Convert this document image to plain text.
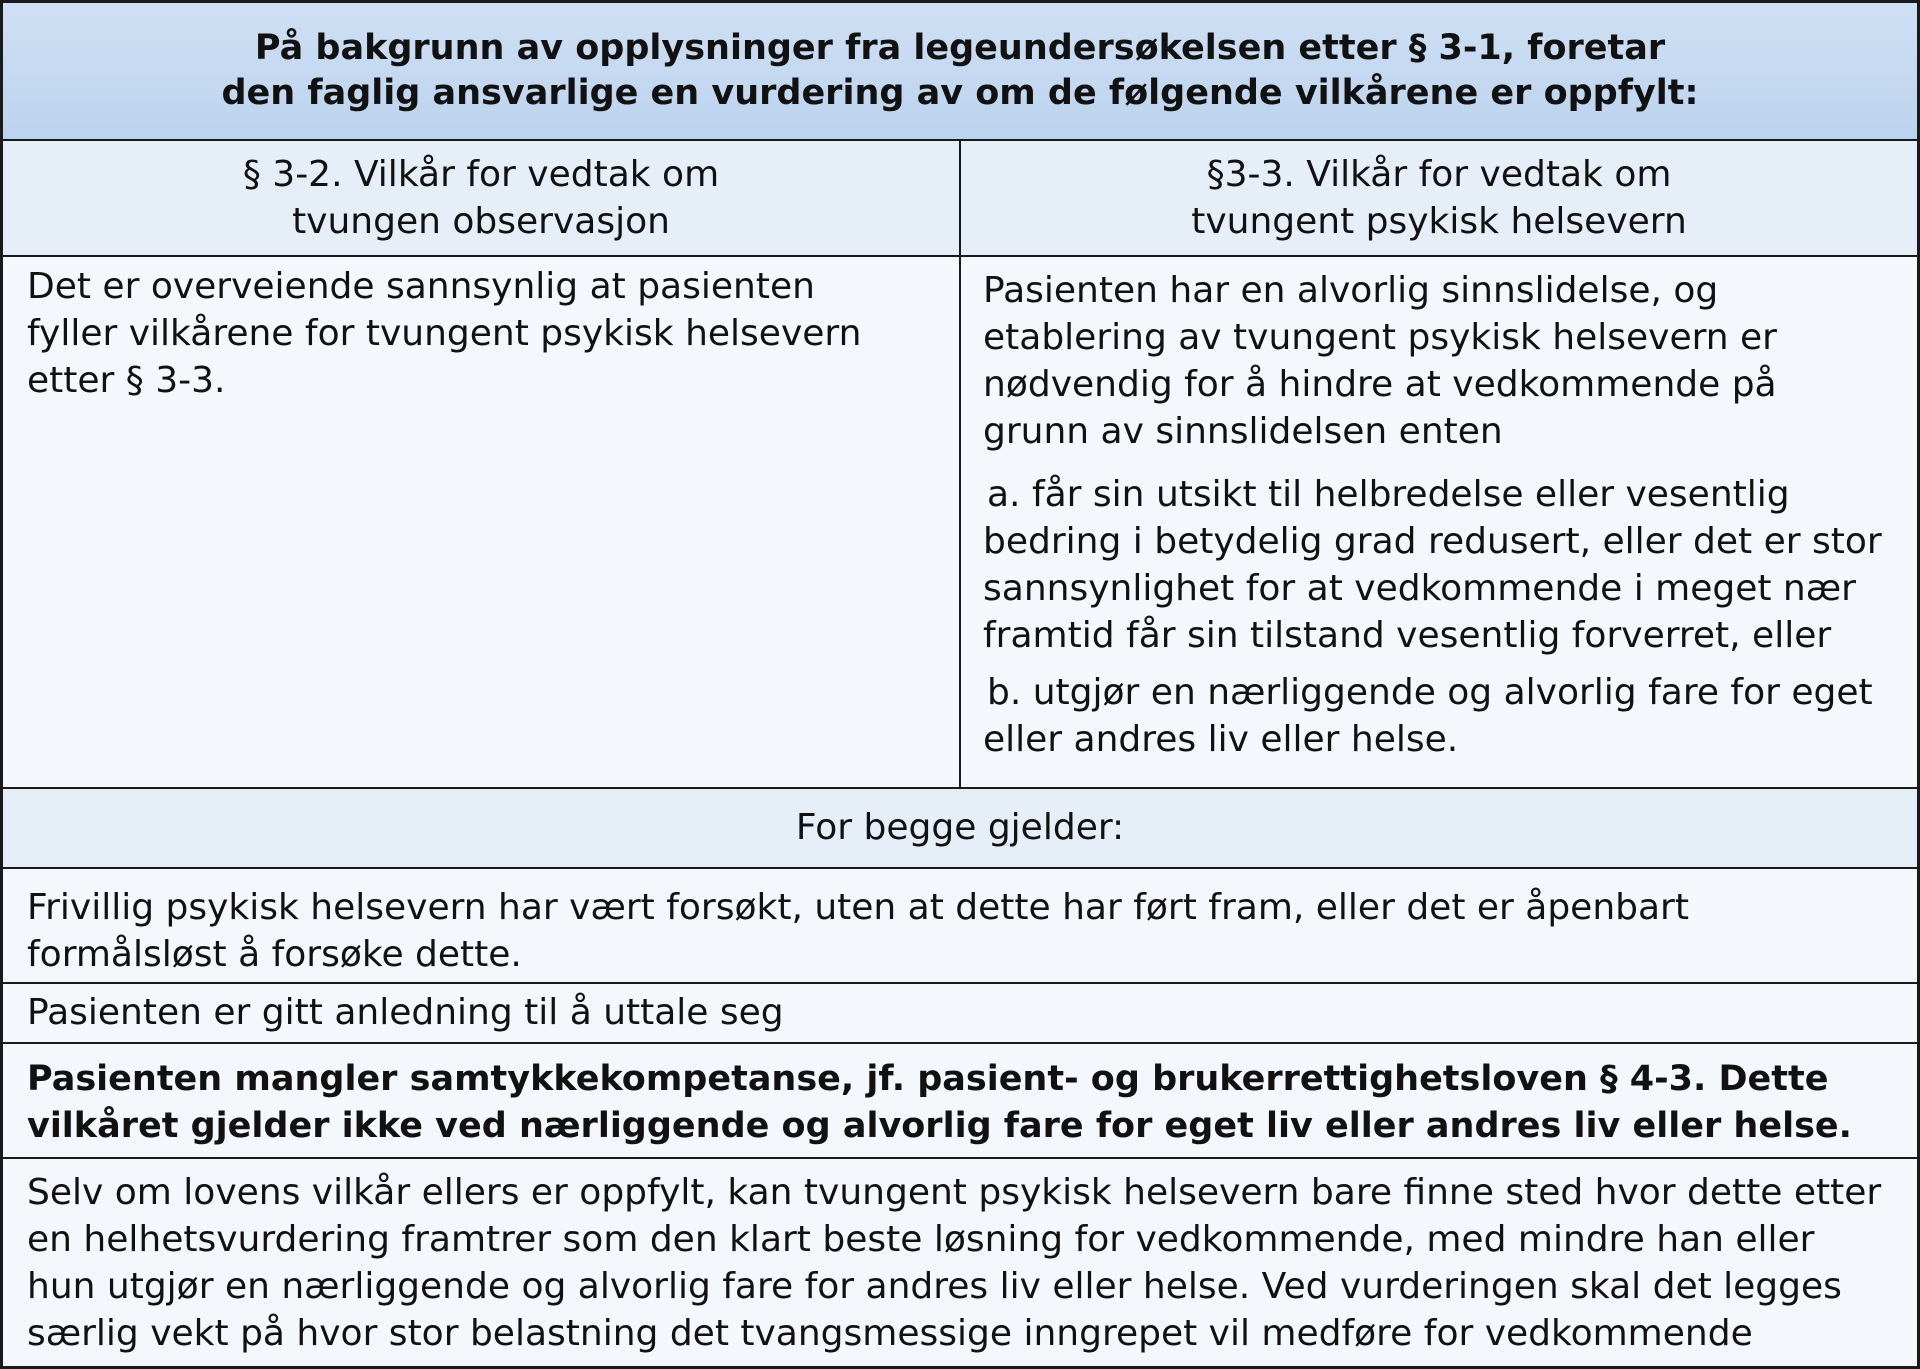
På bakgrunn av opplysninger fra legeundersøkelsen etter § 3-1, foretar
den faglig ansvarlige en vurdering av om de følgende vilkårene er oppfylt:
§ 3-2. Vilkår for vedtak om
tvungen observasjon
§3-3. Vilkår for vedtak om
tvungent psykisk helsevern
Det er overveiende sannsynlig at pasienten
fyller vilkårene for tvungent psykisk helsevern
etter § 3-3.
Pasienten har en alvorlig sinnslidelse, og
etablering av tvungent psykisk helsevern er
nødvendig for å hindre at vedkommende på
grunn av sinnslidelsen enten
a. får sin utsikt til helbredelse eller vesentlig
bedring i betydelig grad redusert, eller det er stor
sannsynlighet for at vedkommende i meget nær
framtid får sin tilstand vesentlig forverret, eller
b. utgjør en nærliggende og alvorlig fare for eget
eller andres liv eller helse.
For begge gjelder:
Frivillig psykisk helsevern har vært forsøkt, uten at dette har ført fram, eller det er åpenbart
formålsløst å forsøke dette.
Pasienten er gitt anledning til å uttale seg
Pasienten mangler samtykkekompetanse, jf. pasient- og brukerrettighetsloven § 4-3. Dette
vilkåret gjelder ikke ved nærliggende og alvorlig fare for eget liv eller andres liv eller helse.
Selv om lovens vilkår ellers er oppfylt, kan tvungent psykisk helsevern bare finne sted hvor dette etter
en helhetsvurdering framtrer som den klart beste løsning for vedkommende, med mindre han eller
hun utgjør en nærliggende og alvorlig fare for andres liv eller helse. Ved vurderingen skal det legges
særlig vekt på hvor stor belastning det tvangsmessige inngrepet vil medføre for vedkommende
